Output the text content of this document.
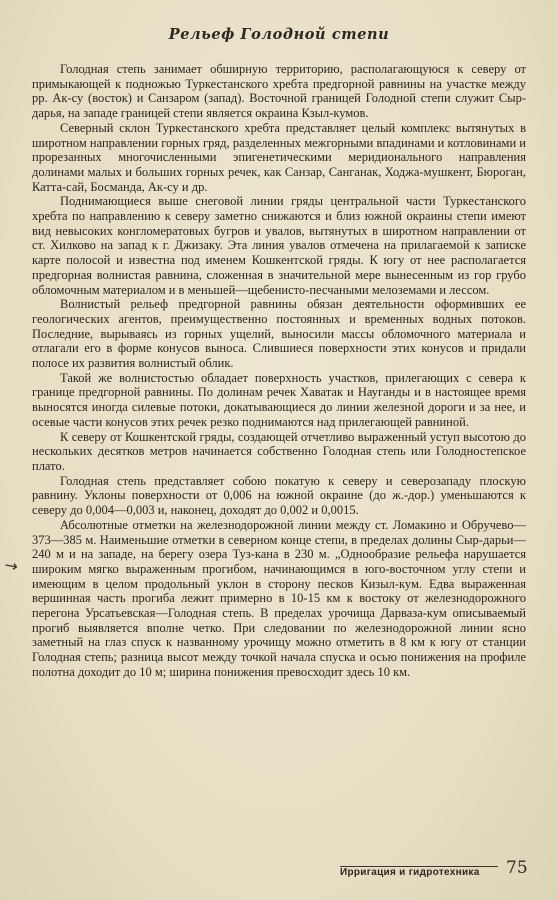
Рельеф Голодной степи

Голодная степь занимает обширную территорию, располагающуюся к северу от примыкающей к подножью Туркестанского хребта предгорной равнины на участке между рр. Ак-су (восток) и Санзаром (запад). Восточной границей Голодной степи служит Сыр-дарья, на западе границей степи является окраина Кзыл-кумов.

Северный склон Туркестанского хребта представляет целый комплекс вытянутых в широтном направлении горных гряд, разделенных межгорными впадинами и котловинами и прорезанных многочисленными эпигенетическими меридионального направления долинами малых и больших горных речек, как Санзар, Санганак, Ходжа-мушкент, Бюроган, Катта-сай, Босманда, Ак-су и др.

Поднимающиеся выше снеговой линии гряды центральной части Туркестанского хребта по направлению к северу заметно снижаются и близ южной окраины степи имеют вид невысоких конгломератовых бугров и увалов, вытянутых в широтном направлении от ст. Хилково на запад к г. Джизаку. Эта линия увалов отмечена на прилагаемой к записке карте полосой и известна под именем Кошкентской гряды. К югу от нее располагается предгорная волнистая равнина, сложенная в значительной мере вынесенным из гор грубо обломочным материалом и в меньшей—щебенисто-песчаными мелоземами и лессом.

Волнистый рельеф предгорной равнины обязан деятельности оформивших ее геологических агентов, преимущественно постоянных и временных водных потоков. Последние, вырываясь из горных ущелий, выносили массы обломочного материала и отлагали его в форме конусов выноса. Слившиеся поверхности этих конусов и придали полосе их развития волнистый облик.

Такой же волнистостью обладает поверхность участков, прилегающих с севера к границе предгорной равнины. По долинам речек Хаватак и Науганды и в настоящее время выносятся иногда силевые потоки, докатывающиеся до линии железной дороги и за нее, и осевые части конусов этих речек резко поднимаются над прилегающей равниной.

К северу от Кошкентской гряды, создающей отчетливо выраженный уступ высотою до нескольких десятков метров начинается собственно Голодная степь или Голодностепское плато.

Голодная степь представляет собою покатую к северу и северозападу плоскую равнину. Уклоны поверхности от 0,006 на южной окраине (до ж.-дор.) уменьшаются к северу до 0,004—0,003 и, наконец, доходят до 0,002 и 0,0015.

Абсолютные отметки на железнодорожной линии между ст. Ломакино и Обручево—373—385 м. Наименьшие отметки в северном конце степи, в пределах долины Сыр-дарьи—240 м и на западе, на берегу озера Туз-кана в 230 м. „Однообразие рельефа нарушается широким мягко выраженным прогибом, начинающимся в юго-восточном углу степи и имеющим в целом продольный уклон в сторону песков Кизыл-кум. Едва выраженная вершинная часть прогиба лежит примерно в 10-15 км к востоку от железнодорожного перегона Урсатьевская—Голодная степь. В пределах урочища Дарваза-кум описываемый прогиб выявляется вполне четко. При следовании по железнодорожной линии ясно заметный на глаз спуск к названному урочищу можно отметить в 8 км к югу от станции Голодная степь; разница высот между точкой начала спуска и осью понижения на профиле полотна доходит до 10 м; ширина понижения превосходит здесь 10 км.

↘
Ирригация и гидротехника 75
